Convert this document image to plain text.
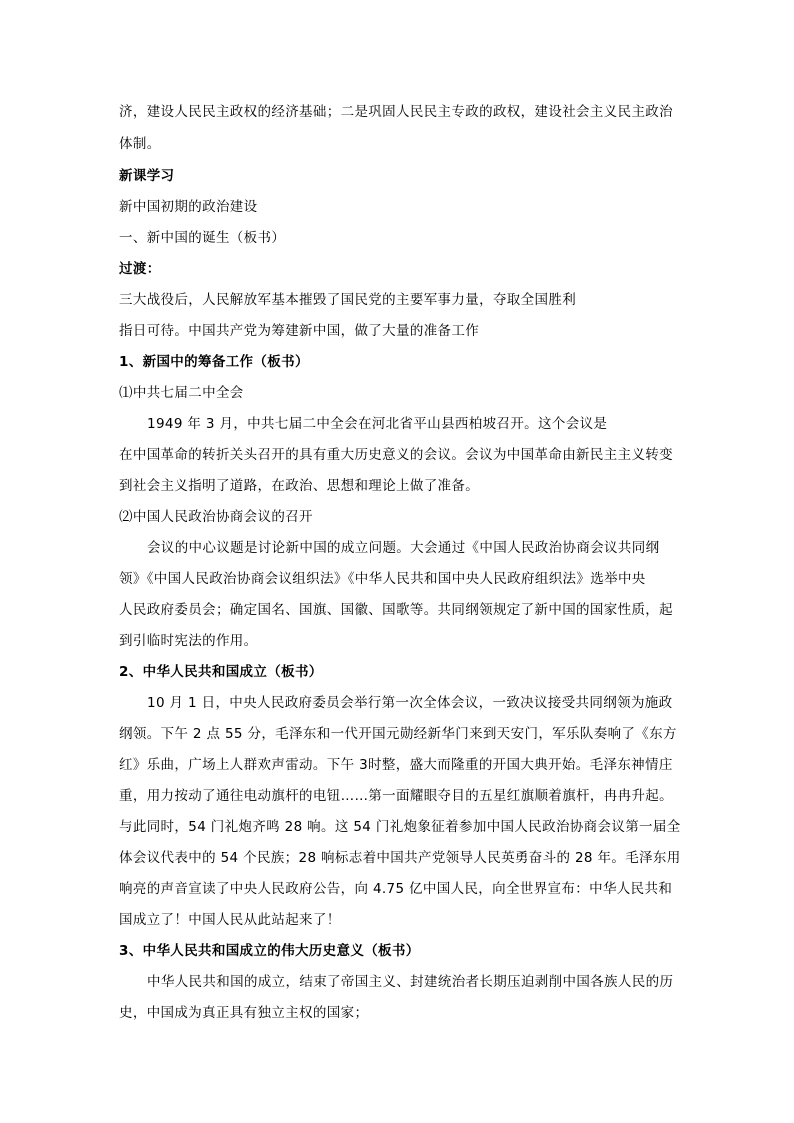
济，建设人民民主政权的经济基础；二是巩固人民民主专政的政权，建设社会主义民主政治
体制。
新课学习
新中国初期的政治建设
一、新中国的诞生（板书）
过渡：
三大战役后，人民解放军基本摧毁了国民党的主要军事力量，夺取全国胜利
指日可待。中国共产党为筹建新中国，做了大量的准备工作
1、新国中的筹备工作（板书）
⑴中共七届二中全会
1949 年 3 月，中共七届二中全会在河北省平山县西柏坡召开。这个会议是
在中国革命的转折关头召开的具有重大历史意义的会议。会议为中国革命由新民主主义转变
到社会主义指明了道路，在政治、思想和理论上做了准备。
⑵中国人民政治协商会议的召开
会议的中心议题是讨论新中国的成立问题。大会通过《中国人民政治协商会议共同纲
领》《中国人民政治协商会议组织法》《中华人民共和国中央人民政府组织法》选举中央
人民政府委员会；确定国名、国旗、国徽、国歌等。共同纲领规定了新中国的国家性质，起
到引临时宪法的作用。
2、中华人民共和国成立（板书）
10 月 1 日，中央人民政府委员会举行第一次全体会议，一致决议接受共同纲领为施政
纲领。下午 2 点 55 分，毛泽东和一代开国元勋经新华门来到天安门，军乐队奏响了《东方
红》乐曲，广场上人群欢声雷动。下午 3时整，盛大而隆重的开国大典开始。毛泽东神情庄
重，用力按动了通往电动旗杆的电钮……第一面耀眼夺目的五星红旗顺着旗杆，冉冉升起。
与此同时，54 门礼炮齐鸣 28 响。这 54 门礼炮象征着参加中国人民政治协商会议第一届全
体会议代表中的 54 个民族；28 响标志着中国共产党领导人民英勇奋斗的 28 年。毛泽东用
响亮的声音宣读了中央人民政府公告，向 4.75 亿中国人民，向全世界宣布：中华人民共和
国成立了！中国人民从此站起来了！
3、中华人民共和国成立的伟大历史意义（板书）
中华人民共和国的成立，结束了帝国主义、封建统治者长期压迫剥削中国各族人民的历
史，中国成为真正具有独立主权的国家；
